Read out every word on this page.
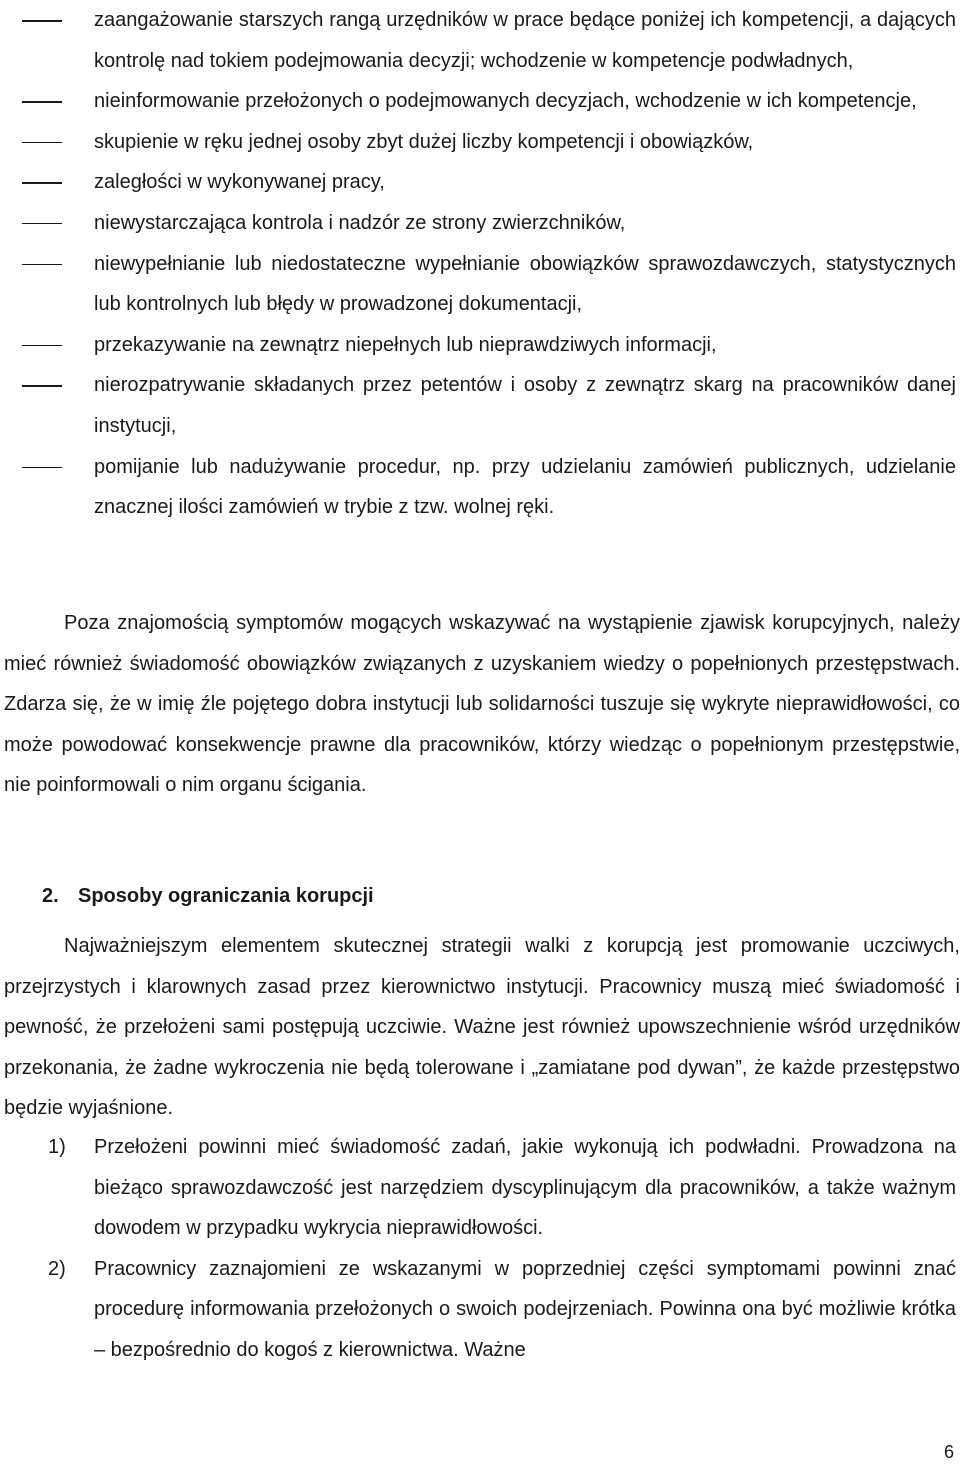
zaangażowanie starszych rangą urzędników w prace będące poniżej ich kompetencji, a dających kontrolę nad tokiem podejmowania decyzji; wchodzenie w kompetencje podwładnych,
nieinformowanie przełożonych o podejmowanych decyzjach, wchodzenie w ich kompetencje,
skupienie w ręku jednej osoby zbyt dużej liczby kompetencji i obowiązków,
zaległości w wykonywanej pracy,
niewystarczająca kontrola i nadzór ze strony zwierzchników,
niewypełnianie lub niedostateczne wypełnianie obowiązków sprawozdawczych, statystycznych lub kontrolnych lub błędy w prowadzonej dokumentacji,
przekazywanie na zewnątrz niepełnych lub nieprawdziwych informacji,
nierozpatrywanie składanych przez petentów i osoby z zewnątrz skarg na pracowników danej instytucji,
pomijanie lub nadużywanie procedur, np. przy udzielaniu zamówień publicznych, udzielanie znacznej ilości zamówień w trybie z tzw. wolnej ręki.

Poza znajomością symptomów mogących wskazywać na wystąpienie zjawisk korupcyjnych, należy mieć również świadomość obowiązków związanych z uzyskaniem wiedzy o popełnionych przestępstwach. Zdarza się, że w imię źle pojętego dobra instytucji lub solidarności tuszuje się wykryte nieprawidłowości, co może powodować konsekwencje prawne dla pracowników, którzy wiedząc o popełnionym przestępstwie, nie poinformowali o nim organu ścigania.

2. Sposoby ograniczania korupcji

Najważniejszym elementem skutecznej strategii walki z korupcją jest promowanie uczciwych, przejrzystych i klarownych zasad przez kierownictwo instytucji. Pracownicy muszą mieć świadomość i pewność, że przełożeni sami postępują uczciwie. Ważne jest również upowszechnienie wśród urzędników przekonania, że żadne wykroczenia nie będą tolerowane i „zamiatane pod dywan”, że każde przestępstwo będzie wyjaśnione.

1) Przełożeni powinni mieć świadomość zadań, jakie wykonują ich podwładni. Prowadzona na bieżąco sprawozdawczość jest narzędziem dyscyplinującym dla pracowników, a także ważnym dowodem w przypadku wykrycia nieprawidłowości.
2) Pracownicy zaznajomieni ze wskazanymi w poprzedniej części symptomami powinni znać procedurę informowania przełożonych o swoich podejrzeniach. Powinna ona być możliwie krótka – bezpośrednio do kogoś z kierownictwa. Ważne
6
